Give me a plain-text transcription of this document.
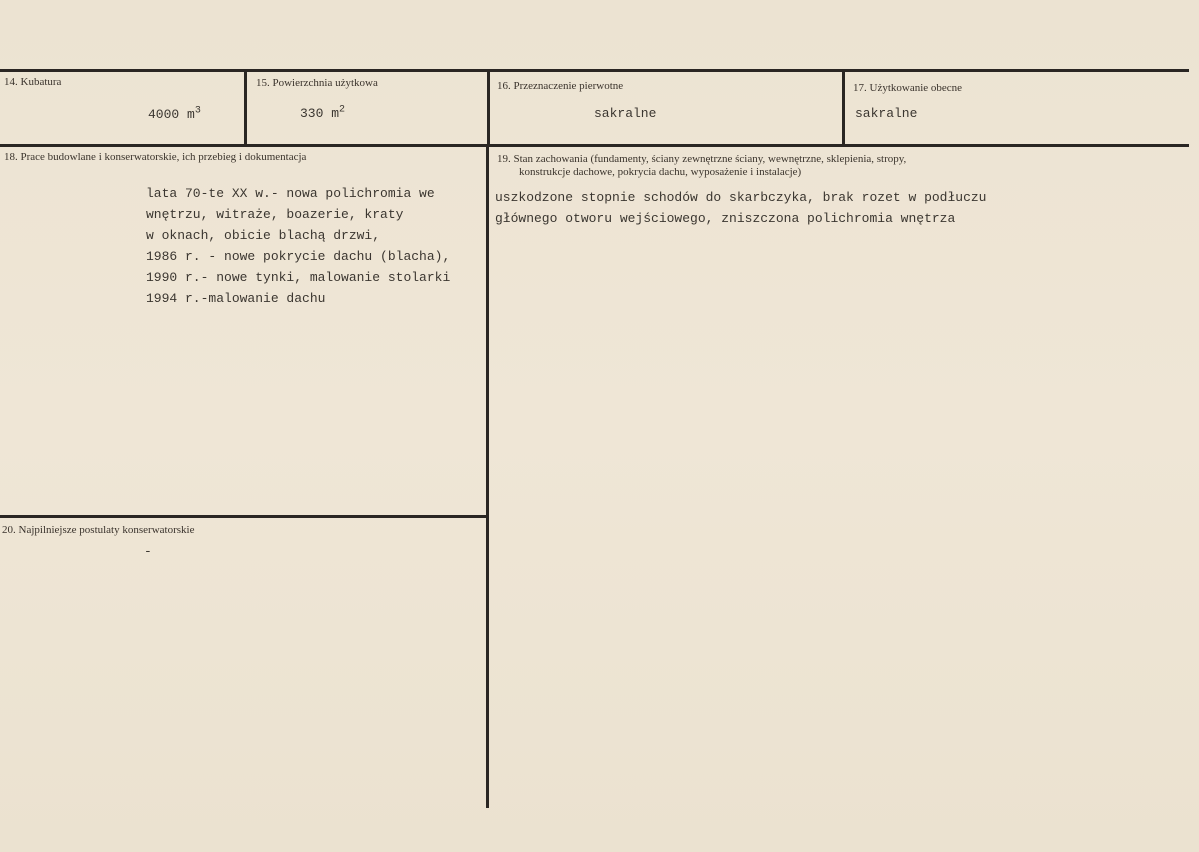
14. Kubatura
4000 $m^3$
15. Powierzchnia użytkowa
330 $m^2$
16. Przeznaczenie pierwotne
sakralne
17. Użytkowanie obecne
sakralne
18. Prace budowlane i konserwatorskie, ich przebieg i dokumentacja
lata 70-te XX w.- nowa polichromia we
wnętrzu, witraże, boazerie, kraty
w oknach, obicie blachą drzwi,
1986 r. - nowe pokrycie dachu (blacha),
1990 r.- nowe tynki, malowanie stolarki
1994 r.-malowanie dachu
19. Stan zachowania (fundamenty, ściany zewnętrzne ściany, wewnętrzne, sklepienia, stropy,
konstrukcje dachowe, pokrycia dachu, wyposażenie i instalacje)
uszkodzone stopnie schodów do skarbczyka, brak rozet w podłuczu
głównego otworu wejściowego, zniszczona polichromia wnętrza
20. Najpilniejsze postulaty konserwatorskie
-
